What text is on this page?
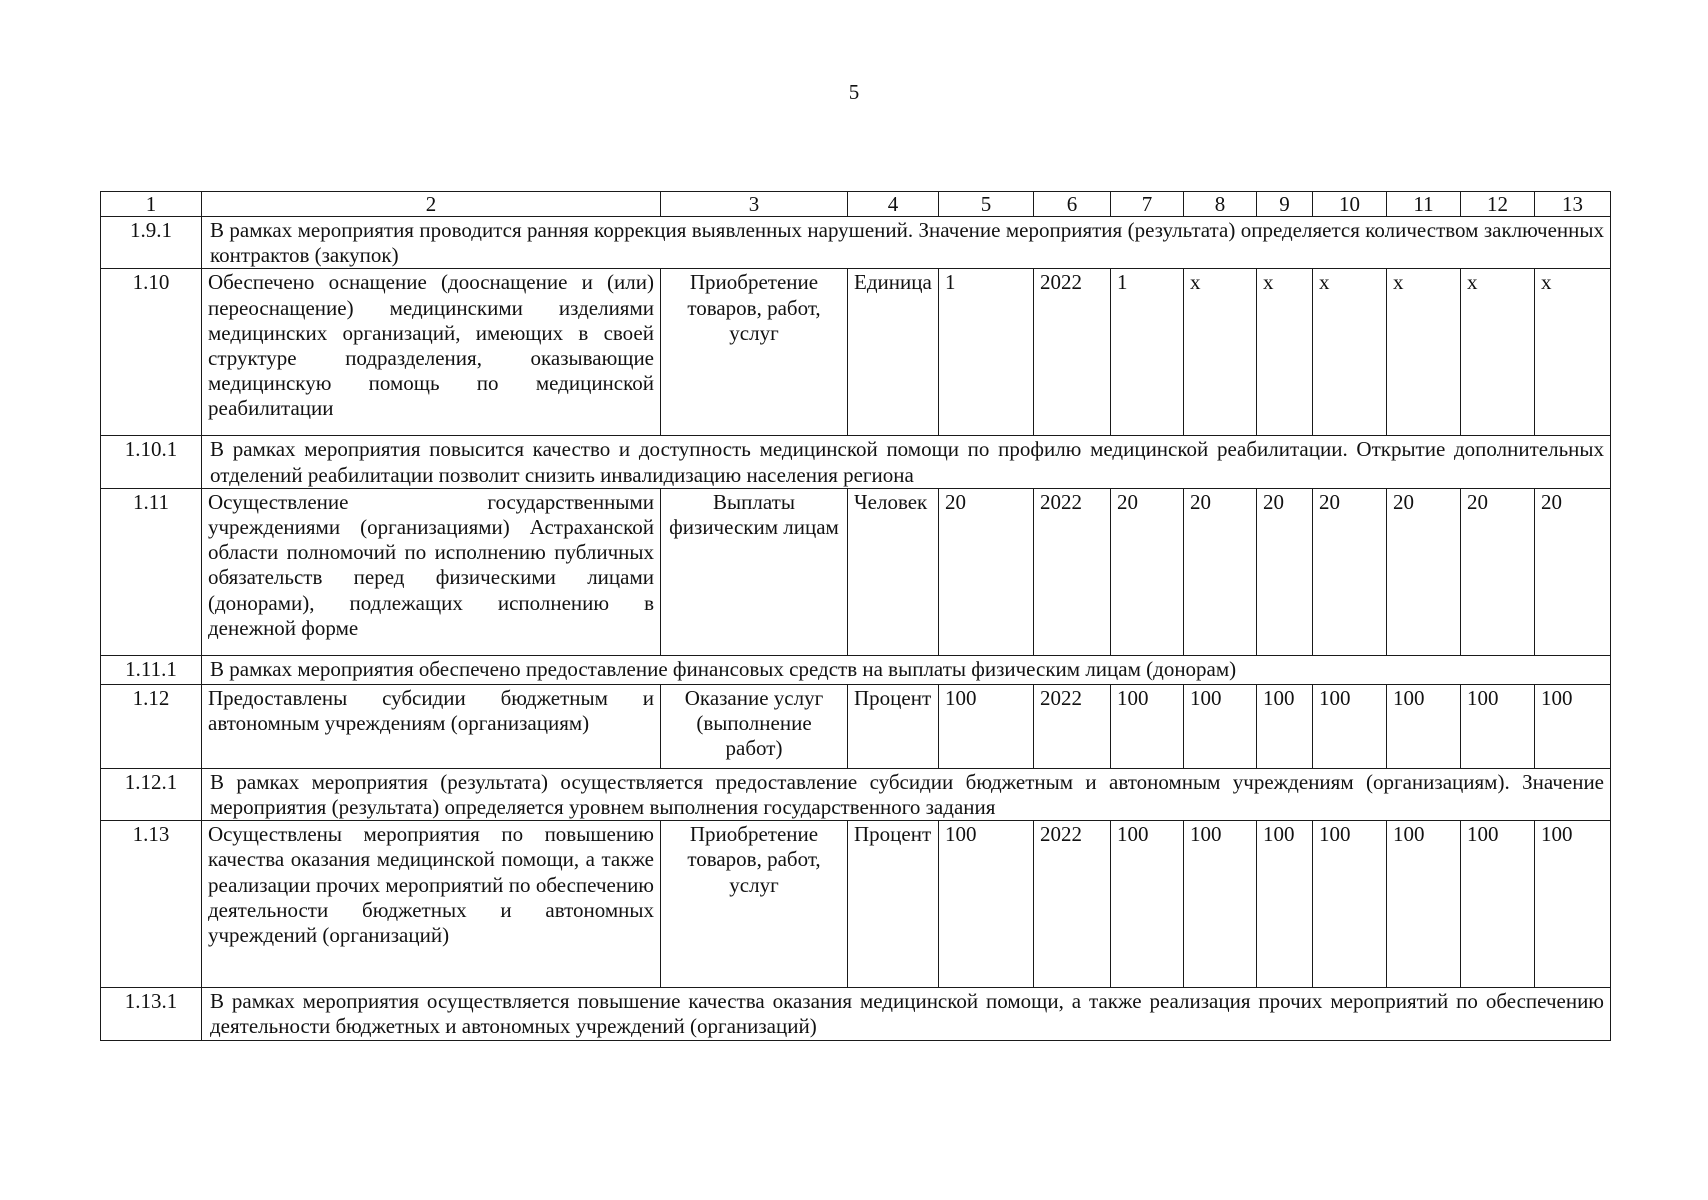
5
1	2	3	4	5	6	7	8	9	10	11	12	13
1.9.1	В рамках мероприятия проводится ранняя коррекция выявленных нарушений. Значение мероприятия (результата) определяется количеством заключенных контрактов (закупок)											
1.10	Обеспечено оснащение (дооснащение и (или) переоснащение) медицинскими изделиями медицинских организаций, имеющих в своей структуре подразделения, оказывающие медицинскую помощь по медицинской реабилитации	Приобретение товаров, работ, услуг	Единица	1	2022	1	x	x	x	x	x	x
1.10.1	В рамках мероприятия повысится качество и доступность медицинской помощи по профилю медицинской реабилитации. Открытие дополнительных отделений реабилитации позволит снизить инвалидизацию населения региона											
1.11	Осуществление государственными учреждениями (организациями) Астраханской области полномочий по исполнению публичных обязательств перед физическими лицами (донорами), подлежащих исполнению в денежной форме	Выплаты физическим лицам	Человек	20	2022	20	20	20	20	20	20	20
1.11.1	В рамках мероприятия обеспечено предоставление финансовых средств на выплаты физическим лицам (донорам)											
1.12	Предоставлены субсидии бюджетным и автономным учреждениям (организациям)	Оказание услуг (выполнение работ)	Процент	100	2022	100	100	100	100	100	100	100
1.12.1	В рамках мероприятия (результата) осуществляется предоставление субсидии бюджетным и автономным учреждениям (организациям). Значение мероприятия (результата) определяется уровнем выполнения государственного задания											
1.13	Осуществлены мероприятия по повышению качества оказания медицинской помощи, а также реализации прочих мероприятий по обеспечению деятельности бюджетных и автономных учреждений (организаций)	Приобретение товаров, работ, услуг	Процент	100	2022	100	100	100	100	100	100	100
1.13.1	В рамках мероприятия осуществляется повышение качества оказания медицинской помощи, а также реализация прочих мероприятий по обеспечению деятельности бюджетных и автономных учреждений (организаций)											
